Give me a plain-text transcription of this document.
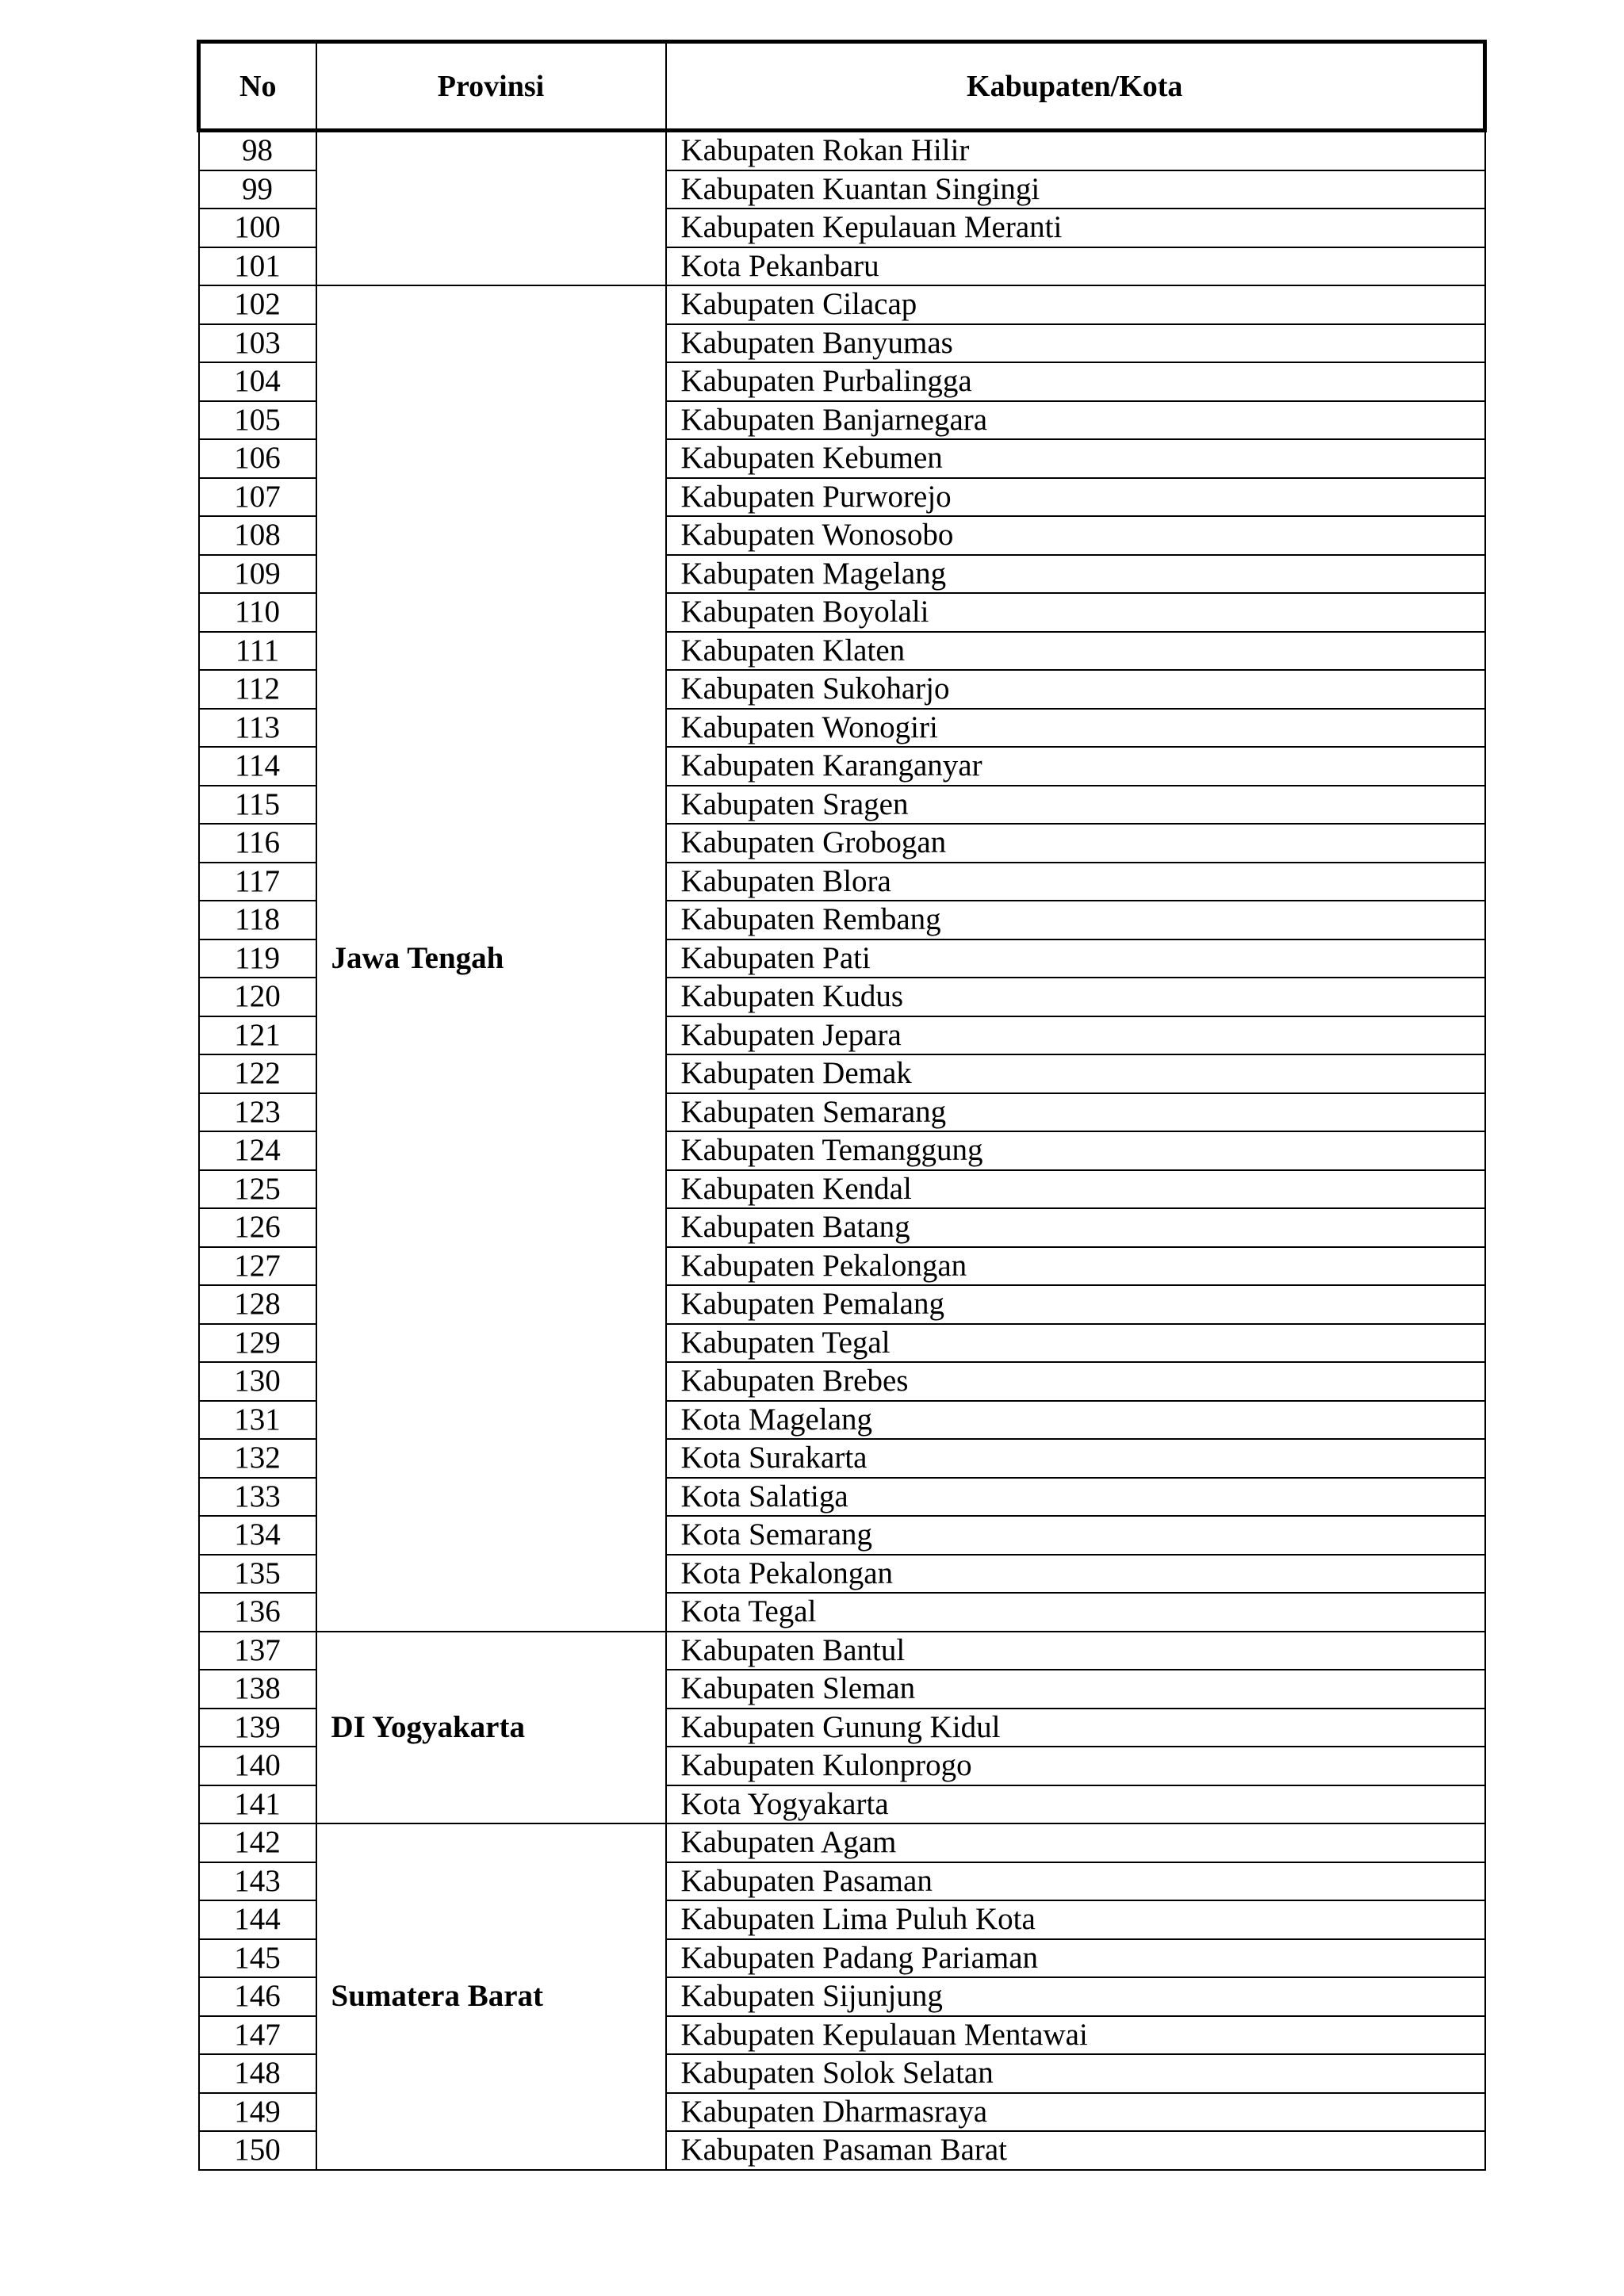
No	Provinsi	Kabupaten/Kota
98		Kabupaten Rokan Hilir
99		Kabupaten Kuantan Singingi
100		Kabupaten Kepulauan Meranti
101		Kota Pekanbaru
102	Jawa Tengah	Kabupaten Cilacap
103		Kabupaten Banyumas
104		Kabupaten Purbalingga
105		Kabupaten Banjarnegara
106		Kabupaten Kebumen
107		Kabupaten Purworejo
108		Kabupaten Wonosobo
109		Kabupaten Magelang
110		Kabupaten Boyolali
111		Kabupaten Klaten
112		Kabupaten Sukoharjo
113		Kabupaten Wonogiri
114		Kabupaten Karanganyar
115		Kabupaten Sragen
116		Kabupaten Grobogan
117		Kabupaten Blora
118		Kabupaten Rembang
119		Kabupaten Pati
120		Kabupaten Kudus
121		Kabupaten Jepara
122		Kabupaten Demak
123		Kabupaten Semarang
124		Kabupaten Temanggung
125		Kabupaten Kendal
126		Kabupaten Batang
127		Kabupaten Pekalongan
128		Kabupaten Pemalang
129		Kabupaten Tegal
130		Kabupaten Brebes
131		Kota Magelang
132		Kota Surakarta
133		Kota Salatiga
134		Kota Semarang
135		Kota Pekalongan
136		Kota Tegal
137	DI Yogyakarta	Kabupaten Bantul
138		Kabupaten Sleman
139		Kabupaten Gunung Kidul
140		Kabupaten Kulonprogo
141		Kota Yogyakarta
142	Sumatera Barat	Kabupaten Agam
143		Kabupaten Pasaman
144		Kabupaten Lima Puluh Kota
145		Kabupaten Padang Pariaman
146		Kabupaten Sijunjung
147		Kabupaten Kepulauan Mentawai
148		Kabupaten Solok Selatan
149		Kabupaten Dharmasraya
150		Kabupaten Pasaman Barat
